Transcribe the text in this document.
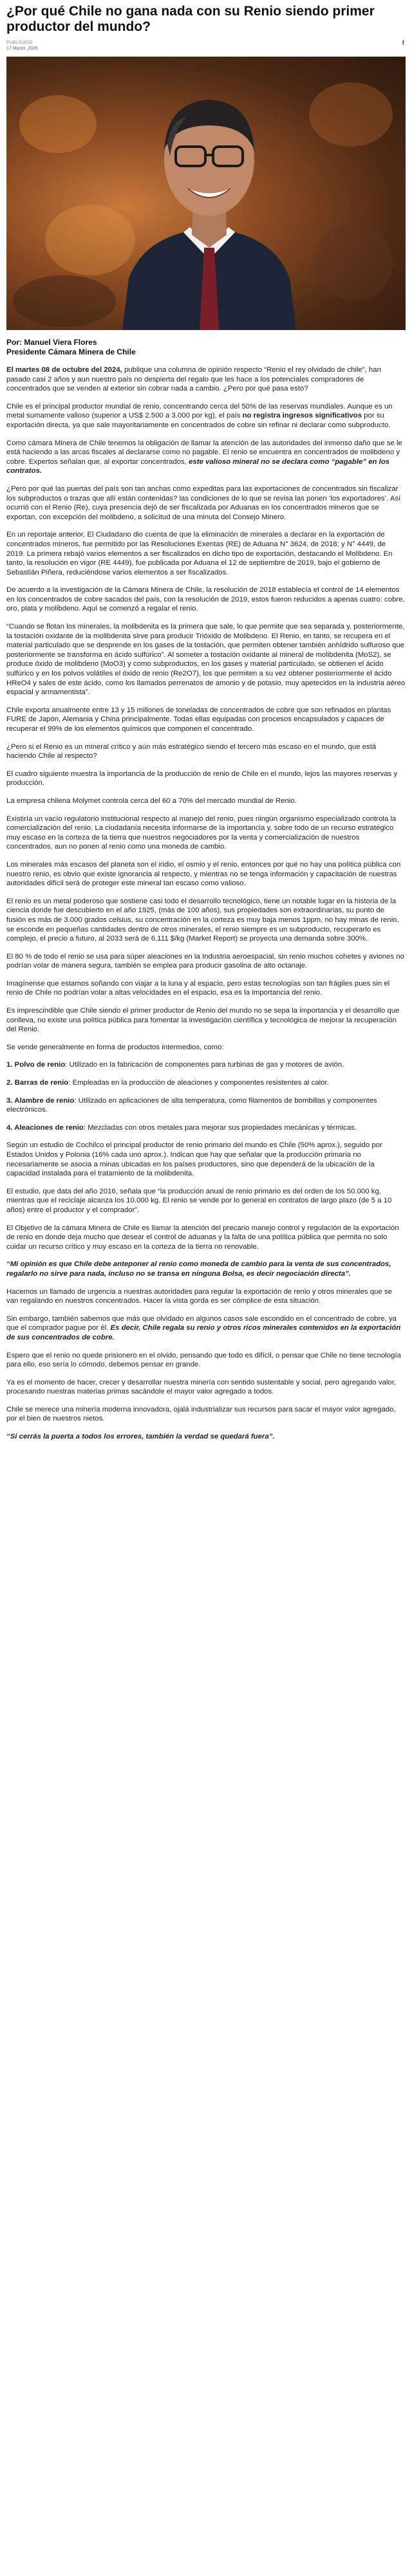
¿Por qué Chile no gana nada con su Renio siendo primer productor del mundo?
PUBLICADO
17 Marzo, 2026
f
Por: Manuel Viera Flores
Presidente Cámara Minera de Chile

El martes 08 de octubre del 2024, publique una columna de opinión respecto “Renio el rey olvidado de chile”, han pasado casi 2 años y aun nuestro país no despierta del regalo que les hace a los potenciales compradores de concentrados que se venden al exterior sin cobrar nada a cambio. ¿Pero por qué pasa esto?

Chile es el principal productor mundial de renio, concentrando cerca del 50% de las reservas mundiales. Aunque es un metal sumamente valioso (superior a US$ 2.500 a 3.000 por kg), el país no registra ingresos significativos por su exportación directa, ya que sale mayoritariamente en concentrados de cobre sin refinar ni declarar como subproducto.

Como cámara Minera de Chile tenemos la obligación de llamar la atención de las autoridades del inmenso daño que se le está haciendo a las arcas fiscales al declararse como no pagable. El renio se encuentra en concentrados de molibdeno y cobre. Expertos señalan que, al exportar concentrados, este valioso mineral no se declara como “pagable” en los contratos.

¿Pero por qué las puertas del país son tan anchas como expeditas para las exportaciones de concentrados sin fiscalizar los subproductos o trazas que allí están contenidas? las condiciones de lo que se revisa las ponen ‘los exportadores’. Así ocurrió con el Renio (Re), cuya presencia dejó de ser fiscalizada por Aduanas en los concentrados mineros que se exportan, con excepción del molibdeno, a solicitud de una minuta del Consejo Minero.

En un reportaje anterior, El Ciudadano dio cuenta de que la eliminación de minerales a declarar en la exportación de concentrados mineros, fue permitido por las Resoluciones Exentas (RE) de Aduana N° 3624, de 2018; y N° 4449, de 2019. La primera rebajó varios elementos a ser fiscalizados en dicho tipo de exportación, destacando el Molibdeno. En tanto, la resolución en vigor (RE 4449), fue publicada por Aduana el 12 de septiembre de 2019, bajo el gobierno de Sebastián Piñera, reduciéndose varios elementos a ser fiscalizados.

De acuerdo a la investigación de la Cámara Minera de Chile, la resolución de 2018 establecía el control de 14 elementos en los concentrados de cobre sacados del país, con la resolución de 2019, estos fueron reducidos a apenas cuatro: cobre, oro, plata y molibdeno. Aquí se comenzó a regalar el renio.

“Cuando se flotan los minerales, la molibdenita es la primera que sale, lo que permite que sea separada y, posteriormente, la tostación oxidante de la molibdenita sirve para producir Trióxido de Molibdeno. El Renio, en tanto, se recupera en el material particulado que se desprende en los gases de la tostación, que permiten obtener también anhídrido sulfuroso que posteriormente se transforma en ácido sulfúrico”. Al someter a tostación oxidante al mineral de molibdenita (MoS2), se produce óxido de molibdeno (MoO3) y como subproductos, en los gases y material particulado, se obtienen el ácido sulfúrico y en los polvos volátiles el óxido de renio (Re2O7), los que permiten a su vez obtener posteriormente el ácido HReO4 y sales de este ácido, como los llamados perrenatos de amonio y de potasio, muy apetecidos en la industria aéreo espacial y armamentista”.

Chile exporta anualmente entre 13 y 15 millones de toneladas de concentrados de cobre que son refinados en plantas FURE de Japón, Alemania y China principalmente. Todas ellas equipadas con procesos encapsulados y capaces de recuperar el 99% de los elementos químicos que componen el concentrado.

¿Pero si el Renio es un mineral crítico y aún más estratégico siendo el tercero más escaso en el mundo, que está haciendo Chile al respecto?

El cuadro siguiente muestra la importancia de la producción de renio de Chile en el mundo, lejos las mayores reservas y producción.

La empresa chilena Molymet controla cerca del 60 a 70% del mercado mundial de Renio.

Existiría un vacío regulatorio institucional respecto al manejo del renio, pues ningún organismo especializado controla la comercialización del renio. La ciudadanía necesita informarse de la importancia y, sobre todo de un recurso estratégico muy escaso en la corteza de la tierra que nuestros negociadores por la venta y comercialización de nuestros concentrados, aun no ponen al renio como una moneda de cambio.

Los minerales más escasos del planeta son el iridio, el osmio y el renio, entonces por qué no hay una política pública con nuestro renio, es obvio que existe ignorancia al respecto, y mientras no se tenga información y capacitación de nuestras autoridades difícil será de proteger este mineral tan escaso como valioso.

El renio es un metal poderoso que sostiene casi todo el desarrollo tecnológico, tiene un notable lugar en la historia de la ciencia donde fue descubierto en el año 1925, (más de 100 años), sus propiedades son extraordinarias, su punto de fusión es más de 3.000 grados celsius, su concentración en la corteza es muy baja menos 1ppm, no hay minas de renio, se esconde en pequeñas cantidades dentro de otros minerales, el renio siempre es un subproducto, recuperarlo es complejo, el precio a futuro, al 2033 será de 6.111 $/kg (Market Report) se proyecta una demanda sobre 300%.

El 80 % de todo el renio se usa para súper aleaciones en la Industria aeroespacial, sin renio muchos cohetes y aviones no podrían volar de manera segura, también se emplea para producir gasolina de alto octanaje.

Imagínense que estamos soñando con viajar a la luna y al espacio, pero estas tecnologías son tan frágiles pues sin el renio de Chile no podrían volar a altas velocidades en el espacio, esa es la importancia del renio.

Es imprescindible que Chile siendo el primer productor de Renio del mundo no se sepa la importancia y el desarrollo que conlleva, no existe una política pública para fomentar la investigación científica y tecnológica de mejorar la recuperación del Renio.

Se vende generalmente en forma de productos intermedios, como:

1. Polvo de renio: Utilizado en la fabricación de componentes para turbinas de gas y motores de avión.

2. Barras de renio: Empleadas en la producción de aleaciones y componentes resistentes al calor.

3. Alambre de renio: Utilizado en aplicaciones de alta temperatura, como filamentos de bombillas y componentes electrónicos.

4. Aleaciones de renio: Mezcladas con otros metales para mejorar sus propiedades mecánicas y térmicas.

Según un estudio de Cochilco el principal productor de renio primario del mundo es Chile (50% aprox.), seguido por Estados Unidos y Polonia (16% cada uno aprox.). Indican que hay que señalar que la producción primaria no necesariamente se asocia a minas ubicadas en los países productores, sino que dependerá de la ubicación de la capacidad instalada para el tratamiento de la molibdenita.

El estudio, que data del año 2016, señala que “la producción anual de renio primario es del orden de los 50.000 kg, mientras que el reciclaje alcanza los 10.000 kg. El renio se vende por lo general en contratos de largo plazo (de 5 a 10 años) entre el productor y el comprador”.

El Objetivo de la cámara Minera de Chile es llamar la atención del precario manejo control y regulación de la exportación de renio en donde deja mucho que desear el control de aduanas y la falta de una política pública que permita no solo cuidar un recurso crítico y muy escaso en la corteza de la tierra no renovable.

“Mi opinión es que Chile debe anteponer al renio como moneda de cambio para la venta de sus concentrados, regalarlo no sirve para nada, incluso no se transa en ninguna Bolsa, es decir negociación directa”.

Hacemos un llamado de urgencia a nuestras autoridades para regular la exportación de renio y otros minerales que se van regalando en nuestros concentrados. Hacer la vista gorda es ser cómplice de esta situación.

Sin embargo, también sabemos que más que olvidado en algunos casos sale escondido en el concentrado de cobre, ya que el comprador pague por él. Es decir, Chile regala su renio y otros ricos minerales contenidos en la exportación de sus concentrados de cobre.

Espero que el renio no quede prisionero en el olvido, pensando que todo es difícil, o pensar que Chile no tiene tecnología para ello, eso sería lo cómodo, debemos pensar en grande.

Ya es el momento de hacer, crecer y desarrollar nuestra minería con sentido sustentable y social, pero agregando valor, procesando nuestras materias primas sacándole el mayor valor agregado a todos.

Chile se merece una minería moderna innovadora, ojalá industrializar sus recursos para sacar el mayor valor agregado, por el bien de nuestros nietos.

“Si cerrás la puerta a todos los errores, también la verdad se quedará fuera”.
